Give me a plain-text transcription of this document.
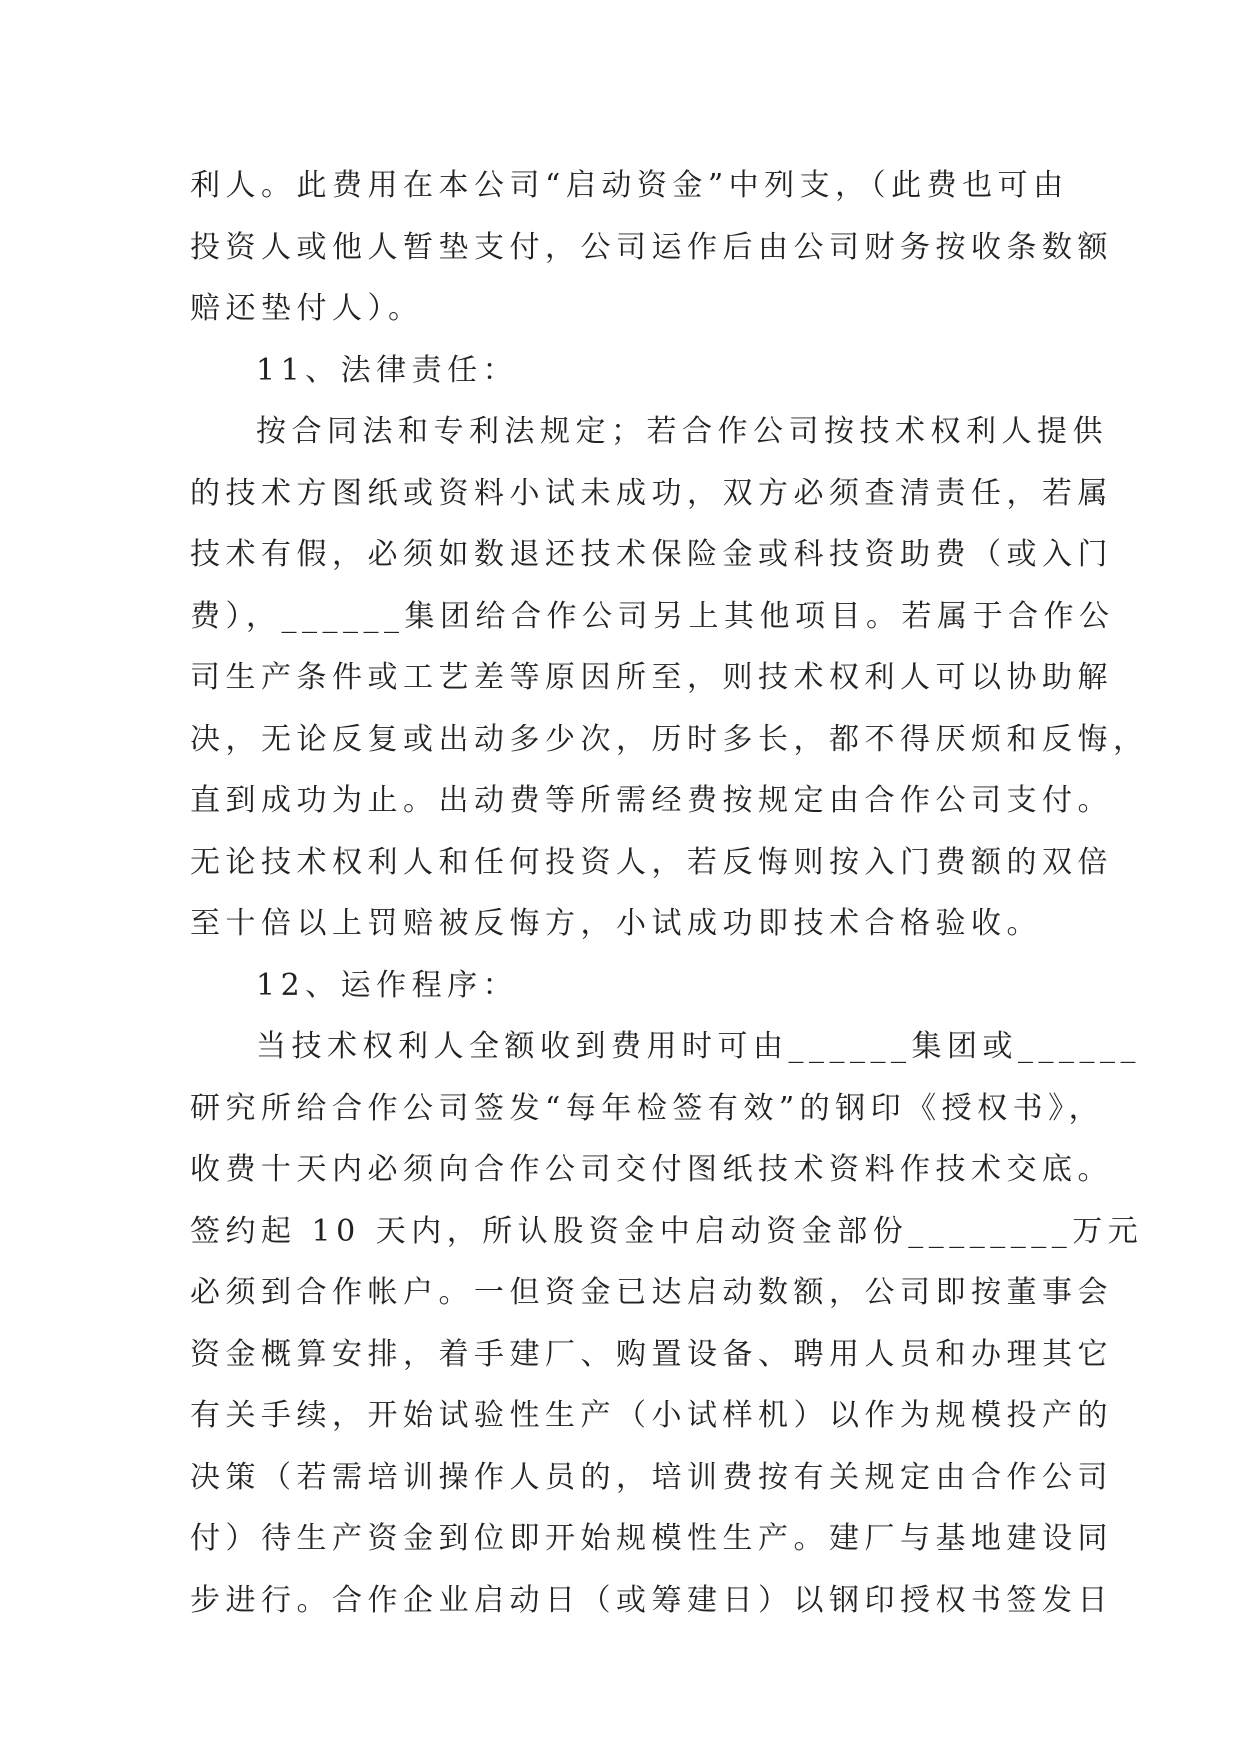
利人。此费用在本公司“启动资金”中列支，（此费也可由
投资人或他人暂垫支付，公司运作后由公司财务按收条数额
赔还垫付人）。
11、法律责任：
按合同法和专利法规定；若合作公司按技术权利人提供
的技术方图纸或资料小试未成功，双方必须查清责任，若属
技术有假，必须如数退还技术保险金或科技资助费（或入门
费），______集团给合作公司另上其他项目。若属于合作公
司生产条件或工艺差等原因所至，则技术权利人可以协助解
决，无论反复或出动多少次，历时多长，都不得厌烦和反悔，
直到成功为止。出动费等所需经费按规定由合作公司支付。
无论技术权利人和任何投资人，若反悔则按入门费额的双倍
至十倍以上罚赔被反悔方，小试成功即技术合格验收。
12、运作程序：
当技术权利人全额收到费用时可由______集团或______
研究所给合作公司签发“每年检签有效”的钢印《授权书》，
收费十天内必须向合作公司交付图纸技术资料作技术交底。
签约起 10 天内，所认股资金中启动资金部份________万元
必须到合作帐户。一但资金已达启动数额，公司即按董事会
资金概算安排，着手建厂、购置设备、聘用人员和办理其它
有关手续，开始试验性生产（小试样机）以作为规模投产的
决策（若需培训操作人员的，培训费按有关规定由合作公司
付）待生产资金到位即开始规模性生产。建厂与基地建设同
步进行。合作企业启动日（或筹建日）以钢印授权书签发日
